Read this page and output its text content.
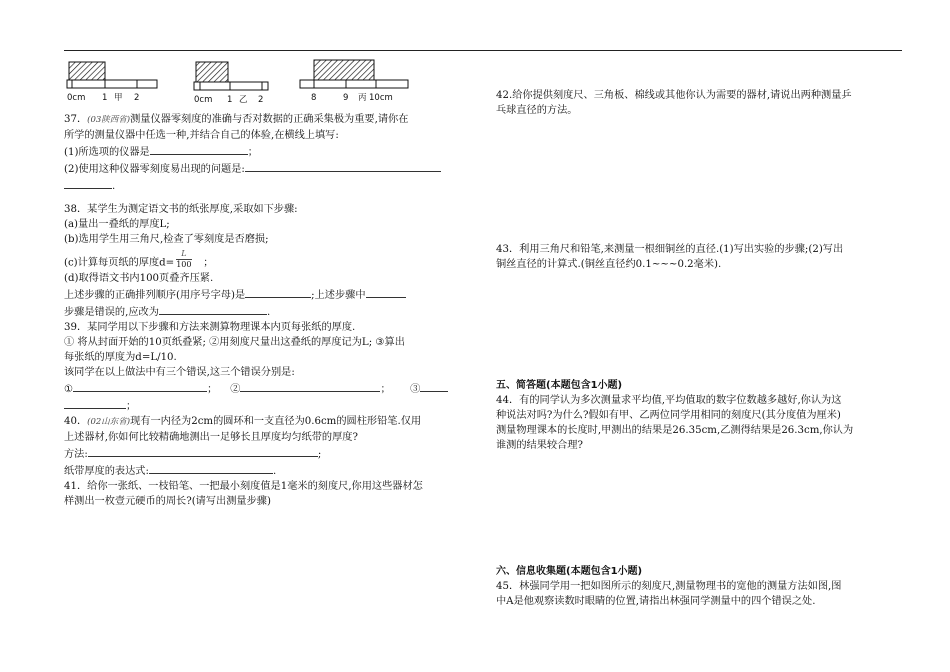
0cm 1 甲 2	0cm 1 乙 2	8	9 丙 10cm
37．(03陕西省)测量仪器零刻度的准确与否对数据的正确采集极为重要,请你在
所学的测量仪器中任选一种,并结合自己的体验,在横线上填写:
(1)所选项的仪器是	；
(2)使用这种仪器零刻度易出现的问题是:
.
38．某学生为测定语文书的纸张厚度,采取如下步骤:
(a)量出一叠纸的厚度L;
(b)选用学生用三角尺,检查了零刻度是否磨损;
(c)计算每页纸的厚度$d= \frac{L}{100}$ ；
(d)取得语文书内100页叠齐压紧.
上述步骤的正确排列顺序(用序号字母)是	;上述步骤中
步骤是错误的,应改为	.
39．某同学用以下步骤和方法来测算物理课本内页每张纸的厚度.
① 将从封面开始的10页纸叠紧; ②用刻度尺量出这叠纸的厚度记为L; ③算出
每张纸的厚度为d=L/10.
该同学在以上做法中有三个错误,这三个错误分别是:
①	； ②	； ③
；
40．(02山东省)现有一内径为2cm的圆环和一支直径为0.6cm的圆柱形铅笔.仅用
上述器材,你如何比较精确地测出一足够长且厚度均匀纸带的厚度?
方法:	;
纸带厚度的表达式:	.
41．给你一张纸、一枝铅笔、一把最小刻度值是1毫米的刻度尺,你用这些器材怎
样测出一枚壹元硬币的周长?(请写出测量步骤)
42.给你提供刻度尺、三角板、棉线或其他你认为需要的器材,请说出两种测量乒
乓球直径的方法。
43．利用三角尺和铅笔,来测量一根细铜丝的直径.(1)写出实验的步骤;(2)写出
铜丝直径的计算式.(铜丝直径约0.1~~~0.2毫米).
五、简答题(本题包含1小题)
44．有的同学认为多次测量求平均值,平均值取的数字位数越多越好,你认为这
种说法对吗?为什么?假如有甲、乙两位同学用相同的刻度尺(其分度值为厘米)
测量物理课本的长度时,甲测出的结果是26.35cm,乙测得结果是26.3cm,你认为
谁测的结果较合理?
六、信息收集题(本题包含1小题)
45．林强同学用一把如图所示的刻度尺,测量物理书的宽他的测量方法如图,图
中A是他观察读数时眼睛的位置,请指出林强同学测量中的四个错误之处.
